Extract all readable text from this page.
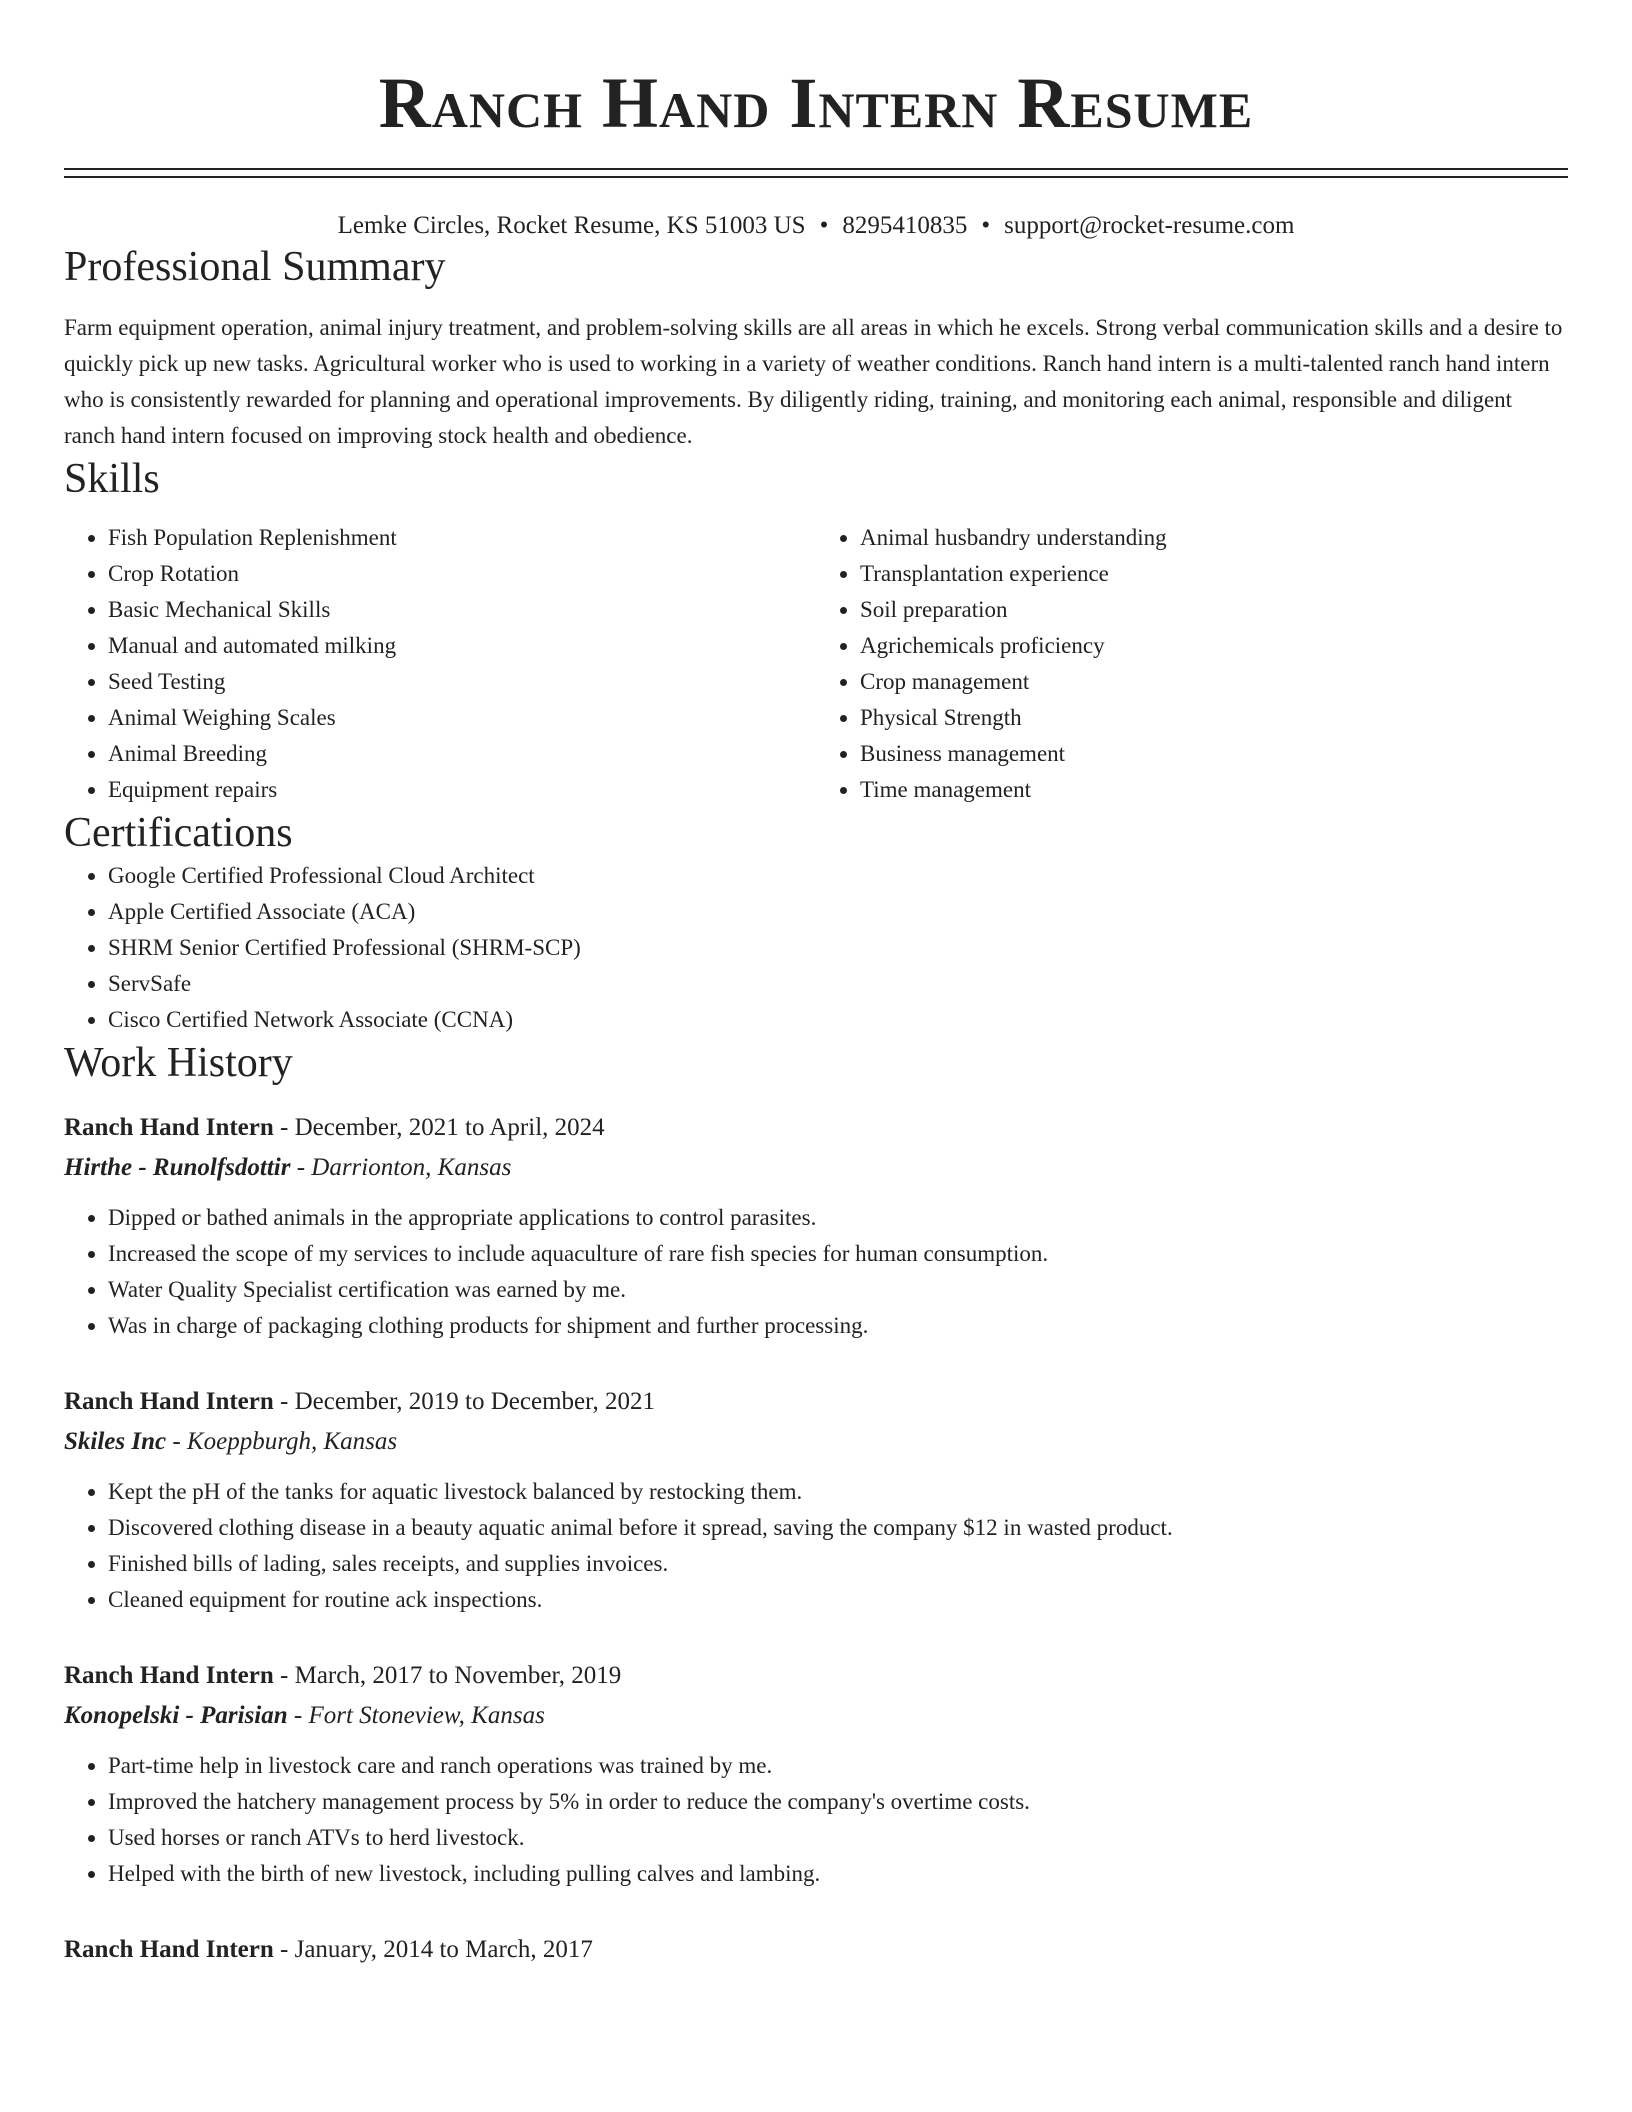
Ranch Hand Intern Resume
Lemke Circles, Rocket Resume, KS 51003 US • 8295410835 • support@rocket-resume.com
Professional Summary

Farm equipment operation, animal injury treatment, and problem-solving skills are all areas in which he excels. Strong verbal communication skills and a desire to quickly pick up new tasks. Agricultural worker who is used to working in a variety of weather conditions. Ranch hand intern is a multi-talented ranch hand intern who is consistently rewarded for planning and operational improvements. By diligently riding, training, and monitoring each animal, responsible and diligent ranch hand intern focused on improving stock health and obedience.

Skills
• Fish Population Replenishment
• Crop Rotation
• Basic Mechanical Skills
• Manual and automated milking
• Seed Testing
• Animal Weighing Scales
• Animal Breeding
• Equipment repairs
• Animal husbandry understanding
• Transplantation experience
• Soil preparation
• Agrichemicals proficiency
• Crop management
• Physical Strength
• Business management
• Time management
Certifications
• Google Certified Professional Cloud Architect
• Apple Certified Associate (ACA)
• SHRM Senior Certified Professional (SHRM-SCP)
• ServSafe
• Cisco Certified Network Associate (CCNA)
Work History
Ranch Hand Intern - December, 2021 to April, 2024
Hirthe - Runolfsdottir - Darrionton, Kansas
• Dipped or bathed animals in the appropriate applications to control parasites.
• Increased the scope of my services to include aquaculture of rare fish species for human consumption.
• Water Quality Specialist certification was earned by me.
• Was in charge of packaging clothing products for shipment and further processing.
Ranch Hand Intern - December, 2019 to December, 2021
Skiles Inc - Koeppburgh, Kansas
• Kept the pH of the tanks for aquatic livestock balanced by restocking them.
• Discovered clothing disease in a beauty aquatic animal before it spread, saving the company $12 in wasted product.
• Finished bills of lading, sales receipts, and supplies invoices.
• Cleaned equipment for routine ack inspections.
Ranch Hand Intern - March, 2017 to November, 2019
Konopelski - Parisian - Fort Stoneview, Kansas
• Part-time help in livestock care and ranch operations was trained by me.
• Improved the hatchery management process by 5% in order to reduce the company's overtime costs.
• Used horses or ranch ATVs to herd livestock.
• Helped with the birth of new livestock, including pulling calves and lambing.
Ranch Hand Intern - January, 2014 to March, 2017
